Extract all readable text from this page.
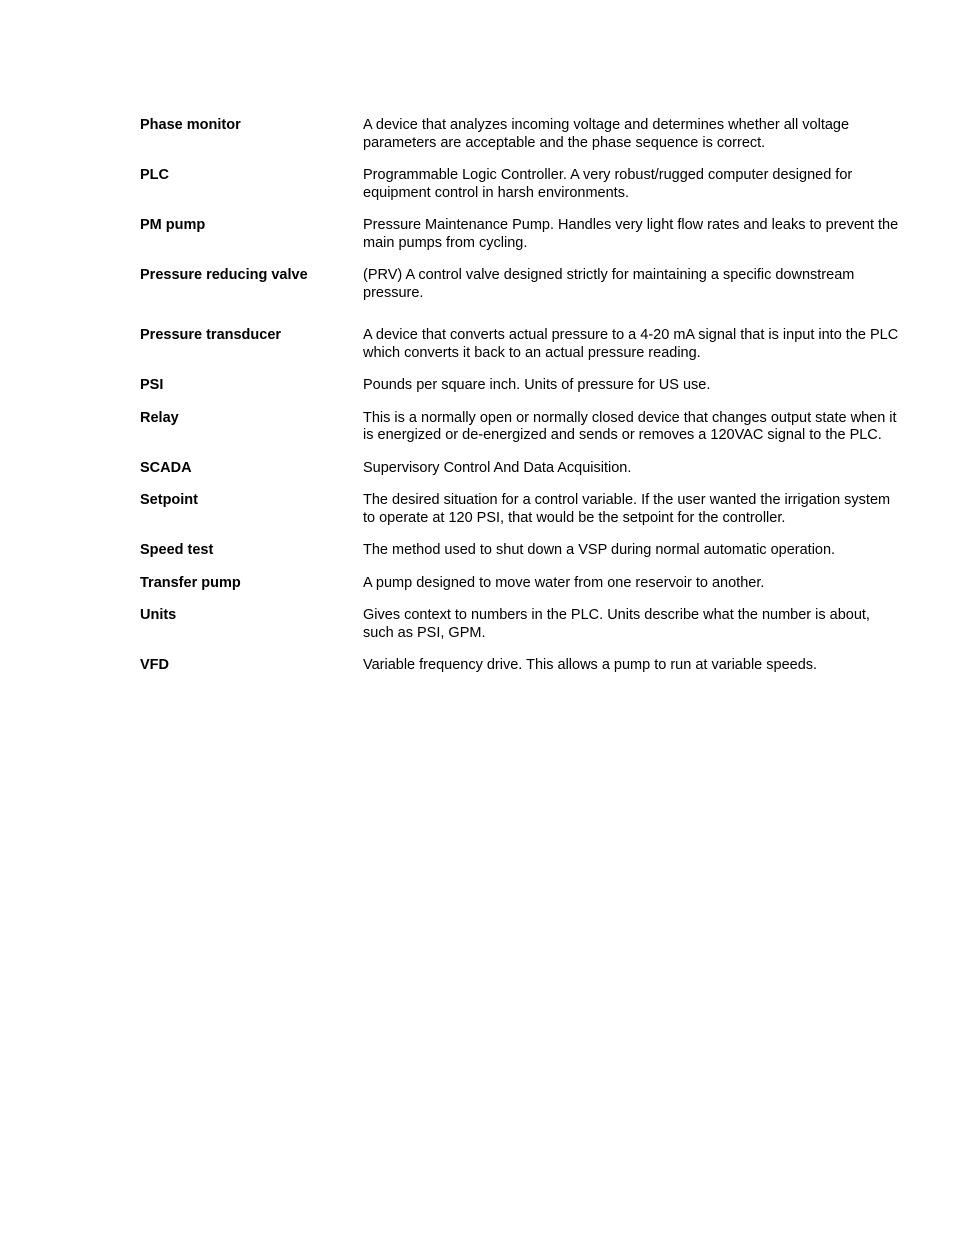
Phase monitor	A device that analyzes incoming voltage and determines whether all voltage parameters are acceptable and the phase sequence is correct.
PLC	Programmable Logic Controller. A very robust/rugged computer designed for equipment control in harsh environments.
PM pump	Pressure Maintenance Pump. Handles very light flow rates and leaks to prevent the main pumps from cycling.
Pressure reducing valve	(PRV) A control valve designed strictly for maintaining a specific downstream pressure.
Pressure transducer	A device that converts actual pressure to a 4-20 mA signal that is input into the PLC which converts it back to an actual pressure reading.
PSI	Pounds per square inch. Units of pressure for US use.
Relay	This is a normally open or normally closed device that changes output state when it is energized or de-energized and sends or removes a 120VAC signal to the PLC.
SCADA	Supervisory Control And Data Acquisition.
Setpoint	The desired situation for a control variable. If the user wanted the irrigation system to operate at 120 PSI, that would be the setpoint for the controller.
Speed test	The method used to shut down a VSP during normal automatic operation.
Transfer pump	A pump designed to move water from one reservoir to another.
Units	Gives context to numbers in the PLC. Units describe what the number is about, such as PSI, GPM.
VFD	Variable frequency drive. This allows a pump to run at variable speeds.
